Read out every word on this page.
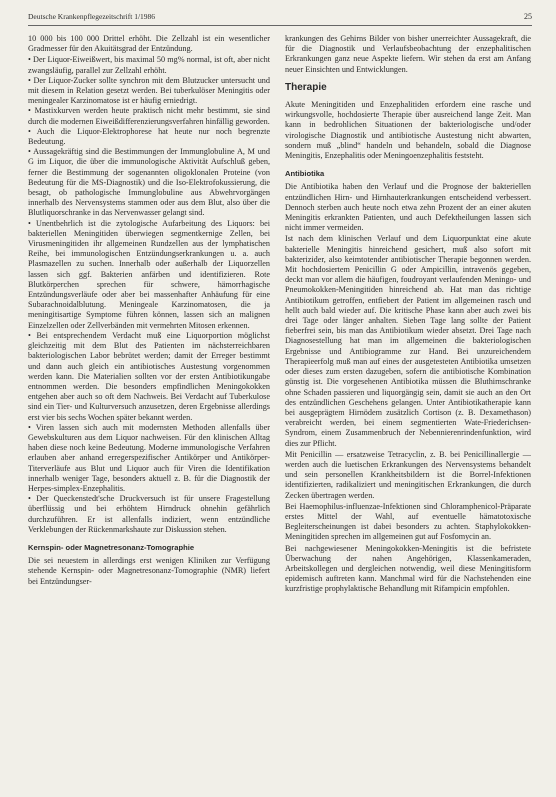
Deutsche Krankenpflegezeitschrift 1/1986	25

10 000 bis 100 000 Drittel erhöht. Die Zellzahl ist ein wesentlicher Gradmesser für den Akuitätsgrad der Entzündung.

• Der Liquor-Eiweißwert, bis maximal 50 mg% normal, ist oft, aber nicht zwangsläufig, parallel zur Zellzahl erhöht.
• Der Liquor-Zucker sollte synchron mit dem Blutzucker untersucht und mit diesem in Relation gesetzt werden. Bei tuberkulöser Meningitis oder meningealer Karzinomatose ist er häufig erniedrigt.
• Mastixkurven werden heute praktisch nicht mehr bestimmt, sie sind durch die modernen Eiweißdifferenzierungsverfahren hinfällig geworden.
• Auch die Liquor-Elektrophorese hat heute nur noch begrenzte Bedeutung.
• Aussagekräftig sind die Bestimmungen der Immunglobuline A, M und G im Liquor, die über die immunologische Aktivität Aufschluß geben, ferner die Bestimmung der sogenannten oligoklonalen Proteine (von Bedeutung für die MS-Diagnostik) und die Iso-Elektrofokussierung, die besagt, ob pathologische Immunglobuline aus Abwehrvorgängen innerhalb des Nervensystems stammen oder aus dem Blut, also über die Blutliquorschranke in das Nervenwasser gelangt sind.
• Unentbehrlich ist die zytologische Aufarbeitung des Liquors: bei bakteriellen Meningitiden überwiegen segmentkernige Zellen, bei Virusmeningitiden ihr allgemeinen Rundzellen aus der lymphatischen Reihe, bei immunologischen Entzündungserkrankungen u. a. auch Plasmazellen zu suchen. Innerhalb oder außerhalb der Liquorzellen lassen sich ggf. Bakterien anfärben und identifizieren. Rote Blutkörperchen sprechen für schwere, hämorrhagische Entzündungsverläufe oder aber bei massenhafter Anhäufung für eine Subarachnoidalblutung. Meningeale Karzinomatosen, die ja meningitisartige Symptome führen können, lassen sich an malignen Einzelzellen oder Zellverbänden mit vermehrten Mitosen erkennen.
• Bei entsprechendem Verdacht muß eine Liquorportion möglichst gleichzeitig mit dem Blut des Patienten im nächsterreichbaren bakteriologischen Labor bebrütet werden; damit der Erreger bestimmt und dann auch gleich ein antibiotisches Austestung vorgenommen werden kann. Die Materialien sollten vor der ersten Antibiotikungabe entnommen werden. Die besonders empfindlichen Meningokokken entgehen aber auch so oft dem Nachweis. Bei Verdacht auf Tuberkulose sind ein Tier- und Kulturversuch anzusetzen, deren Ergebnisse allerdings erst vier bis sechs Wochen später bekannt werden.
• Viren lassen sich auch mit modernsten Methoden allenfalls über Gewebskulturen aus dem Liquor nachweisen. Für den klinischen Alltag haben diese noch keine Bedeutung. Moderne immunologische Verfahren erlauben aber anhand erregerspezifischer Antikörper und Antikörper-Titerverläufe aus Blut und Liquor auch für Viren die Identifikation innerhalb weniger Tage, besonders aktuell z. B. für die Diagnostik der Herpes-simplex-Enzephalitis.
• Der Queckenstedt'sche Druckversuch ist für unsere Fragestellung überflüssig und bei erhöhtem Hirndruck ohnehin gefährlich durchzuführen. Er ist allenfalls indiziert, wenn entzündliche Verklebungen der Rückenmarkshaute zur Diskussion stehen.
Kernspin- oder Magnetresonanz-Tomographie

Die sei neuestem in allerdings erst wenigen Kliniken zur Verfügung stehende Kernspin- oder Magnetresonanz-Tomographie (NMR) liefert bei Entzündungser-

krankungen des Gehirns Bilder von bisher unerreichter Aussagekraft, die für die Diagnostik und Verlaufsbeobachtung der enzephalitischen Erkrankungen ganz neue Aspekte liefern. Wir stehen da erst am Anfang neuer Einsichten und Entwicklungen.

Therapie

Akute Meningitiden und Enzephalitiden erfordern eine rasche und wirkungsvolle, hochdosierte Therapie über ausreichend lange Zeit. Man kann in bedrohlichen Situationen der bakteriologische und/oder virologische Diagnostik und antibiotische Austestung nicht abwarten, sondern muß „blind“ handeln und behandeln, sobald die Diagnose Meningitis, Enzephalitis oder Meningoenzephalitis feststeht.

Antibiotika

Die Antibiotika haben den Verlauf und die Prognose der bakteriellen entzündlichen Hirn- und Hirnhauterkrankungen entscheidend verbessert. Dennoch sterben auch heute noch etwa zehn Prozent der an einer akuten Meningitis erkrankten Patienten, und auch Defektheilungen lassen sich nicht immer vermeiden.

Ist nach dem klinischen Verlauf und dem Liquorpunktat eine akute bakterielle Meningitis hinreichend gesichert, muß also sofort mit bakterizider, also keimtotender antibiotischer Therapie begonnen werden. Mit hochdosiertem Penicillin G oder Ampicillin, intravenös gegeben, deckt man vor allem die häufigen, foudroyant verlaufenden Meningo- und Pneumokokken-Meningitiden hinreichend ab. Hat man das richtige Antibiotikum getroffen, entfiebert der Patient im allgemeinen rasch und hellt auch bald wieder auf. Die kritische Phase kann aber auch zwei bis drei Tage oder länger anhalten. Sieben Tage lang sollte der Patient fieberfrei sein, bis man das Antibiotikum wieder absetzt. Drei Tage nach Diagnosestellung hat man im allgemeinen die bakteriologischen Ergebnisse und Antibiogramme zur Hand. Bei unzureichendem Therapieerfolg muß man auf eines der ausgetesteten Antibiotika umsetzen oder dieses zum ersten dazugeben, sofern die antibiotische Kombination günstig ist. Die vorgesehenen Antibiotika müssen die Bluthirnschranke ohne Schaden passieren und liquorgängig sein, damit sie auch an den Ort des entzündlichen Geschehens gelangen. Unter Antibiotikatherapie kann bei ausgeprägtem Hirnödem zusätzlich Cortison (z. B. Dexamethason) verabreicht werden, bei einem segmentierten Wate-Friederichsen-Syndrom, einem Zusammenbruch der Nebennierenrindenfunktion, wird dies zur Pflicht.

Mit Penicillin — ersatzweise Tetracyclin, z. B. bei Penicillinallergie — werden auch die luetischen Erkrankungen des Nervensystems behandelt und sein personellen Krankheitsbildern ist die Borrel-Infektionen identifizierten, radikaliziert und meningitischen Erkrankungen, die durch Zecken übertragen werden.

Bei Haemophilus-influenzae-Infektionen sind Chloramphenicol-Präparate erstes Mittel der Wahl, auf eventuelle hämatotoxische Begleiterscheinungen ist dabei besonders zu achten. Staphylokokken-Meningitiden sprechen im allgemeinen gut auf Fosfomycin an.

Bei nachgewiesener Meningokokken-Meningitis ist die befristete Überwachung der nahen Angehörigen, Klassenkameraden, Arbeitskollegen und dergleichen notwendig, weil diese Meningitisform epidemisch auftreten kann. Manchmal wird für die Nachstehenden eine kurzfristige prophylaktische Behandlung mit Rifampicin empfohlen.
